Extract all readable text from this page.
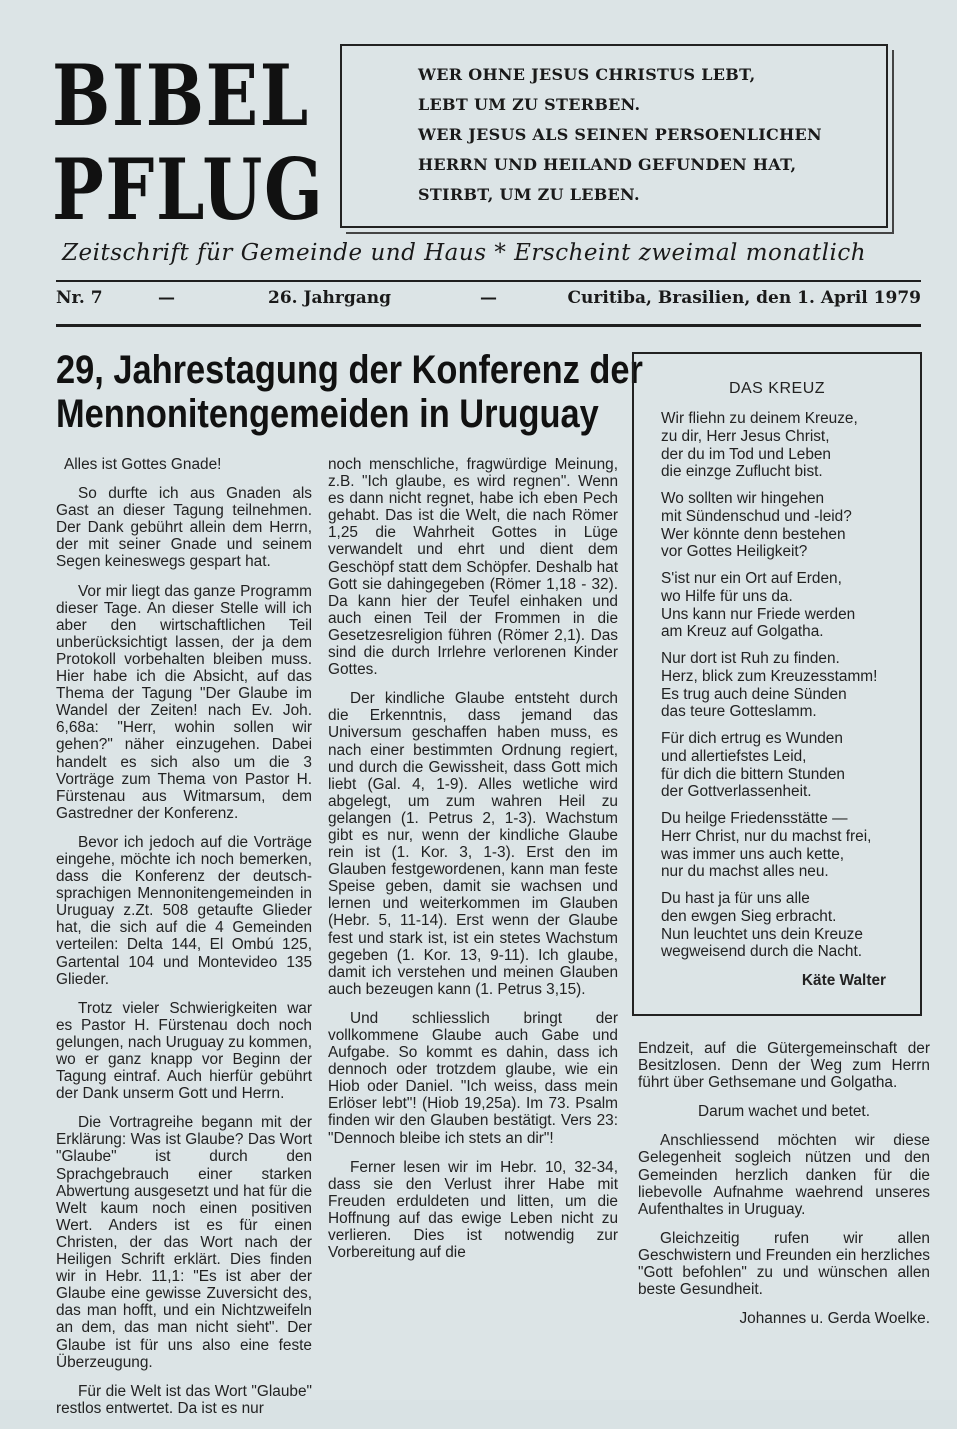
BIBEL
PFLUG
WER OHNE JESUS CHRISTUS LEBT,
LEBT UM ZU STERBEN.
WER JESUS ALS SEINEN PERSOENLICHEN
HERRN UND HEILAND GEFUNDEN HAT,
STIRBT, UM ZU LEBEN.
Zeitschrift für Gemeinde und Haus * Erscheint zweimal monatlich
Nr. 7	—	26. Jahrgang	—	Curitiba, Brasilien, den 1. April 1979
29, Jahrestagung der Konferenz der
Mennonitengemeiden in Uruguay

Alles ist Gottes Gnade!

So durfte ich aus Gnaden als Gast an dieser Tagung teilnehmen. Der Dank gebührt allein dem Herrn, der mit seiner Gnade und seinem Segen keineswegs gespart hat.

Vor mir liegt das ganze Programm dieser Tage. An dieser Stelle will ich aber den wirtschaftlichen Teil unberücksichtigt lassen, der ja dem Protokoll vorbehalten bleiben muss. Hier habe ich die Absicht, auf das Thema der Tagung "Der Glaube im Wandel der Zeiten! nach Ev. Joh. 6,68a: "Herr, wohin sollen wir gehen?" näher einzugehen. Dabei handelt es sich also um die 3 Vorträge zum Thema von Pastor H. Fürstenau aus Witmarsum, dem Gastredner der Konferenz.

Bevor ich jedoch auf die Vorträge eingehe, möchte ich noch bemerken, dass die Konferenz der deutsch-sprachigen Mennonitengemeinden in Uruguay z.Zt. 508 getaufte Glieder hat, die sich auf die 4 Gemeinden verteilen: Delta 144, El Ombú 125, Gartental 104 und Montevideo 135 Glieder.

Trotz vieler Schwierigkeiten war es Pastor H. Fürstenau doch noch gelungen, nach Uruguay zu kommen, wo er ganz knapp vor Beginn der Tagung eintraf. Auch hierfür gebührt der Dank unserm Gott und Herrn.

Die Vortragreihe begann mit der Erklärung: Was ist Glaube? Das Wort "Glaube" ist durch den Sprachgebrauch einer starken Abwertung ausgesetzt und hat für die Welt kaum noch einen positiven Wert. Anders ist es für einen Christen, der das Wort nach der Heiligen Schrift erklärt. Dies finden wir in Hebr. 11,1: "Es ist aber der Glaube eine gewisse Zuversicht des, das man hofft, und ein Nichtzweifeln an dem, das man nicht sieht". Der Glaube ist für uns also eine feste Überzeugung.

Für die Welt ist das Wort "Glaube" restlos entwertet. Da ist es nur

noch menschliche, fragwürdige Meinung, z.B. "Ich glaube, es wird regnen". Wenn es dann nicht regnet, habe ich eben Pech gehabt. Das ist die Welt, die nach Römer 1,25 die Wahrheit Gottes in Lüge verwandelt und ehrt und dient dem Geschöpf statt dem Schöpfer. Deshalb hat Gott sie dahingegeben (Römer 1,18 - 32). Da kann hier der Teufel einhaken und auch einen Teil der Frommen in die Gesetzesreligion führen (Römer 2,1). Das sind die durch Irrlehre verlorenen Kinder Gottes.

Der kindliche Glaube entsteht durch die Erkenntnis, dass jemand das Universum geschaffen haben muss, es nach einer bestimmten Ordnung regiert, und durch die Gewissheit, dass Gott mich liebt (Gal. 4, 1-9). Alles wetliche wird abgelegt, um zum wahren Heil zu gelangen (1. Petrus 2, 1-3). Wachstum gibt es nur, wenn der kindliche Glaube rein ist (1. Kor. 3, 1-3). Erst den im Glauben festgewordenen, kann man feste Speise geben, damit sie wachsen und lernen und weiterkommen im Glauben (Hebr. 5, 11-14). Erst wenn der Glaube fest und stark ist, ist ein stetes Wachstum gegeben (1. Kor. 13, 9-11). Ich glaube, damit ich verstehen und meinen Glauben auch bezeugen kann (1. Petrus 3,15).

Und schliesslich bringt der vollkommene Glaube auch Gabe und Aufgabe. So kommt es dahin, dass ich dennoch oder trotzdem glaube, wie ein Hiob oder Daniel. "Ich weiss, dass mein Erlöser lebt"! (Hiob 19,25a). Im 73. Psalm finden wir den Glauben bestätigt. Vers 23: "Dennoch bleibe ich stets an dir"!

Ferner lesen wir im Hebr. 10, 32-34, dass sie den Verlust ihrer Habe mit Freuden erduldeten und litten, um die Hoffnung auf das ewige Leben nicht zu verlieren. Dies ist notwendig zur Vorbereitung auf die

DAS KREUZ
Wir fliehn zu deinem Kreuze,
zu dir, Herr Jesus Christ,
der du im Tod und Leben
die einzge Zuflucht bist.
Wo sollten wir hingehen
mit Sündenschud und -leid?
Wer könnte denn bestehen
vor Gottes Heiligkeit?
S'ist nur ein Ort auf Erden,
wo Hilfe für uns da.
Uns kann nur Friede werden
am Kreuz auf Golgatha.
Nur dort ist Ruh zu finden.
Herz, blick zum Kreuzesstamm!
Es trug auch deine Sünden
das teure Gotteslamm.
Für dich ertrug es Wunden
und allertiefstes Leid,
für dich die bittern Stunden
der Gottverlassenheit.
Du heilge Friedensstätte —
Herr Christ, nur du machst frei,
was immer uns auch kette,
nur du machst alles neu.
Du hast ja für uns alle
den ewgen Sieg erbracht.
Nun leuchtet uns dein Kreuze
wegweisend durch die Nacht.
Käte Walter

Endzeit, auf die Gütergemeinschaft der Besitzlosen. Denn der Weg zum Herrn führt über Gethsemane und Golgatha.

Darum wachet und betet.

Anschliessend möchten wir diese Gelegenheit sogleich nützen und den Gemeinden herzlich danken für die liebevolle Aufnahme waehrend unseres Aufenthaltes in Uruguay.

Gleichzeitig rufen wir allen Geschwistern und Freunden ein herzliches "Gott befohlen" zu und wünschen allen beste Gesundheit.

Johannes u. Gerda Woelke.
